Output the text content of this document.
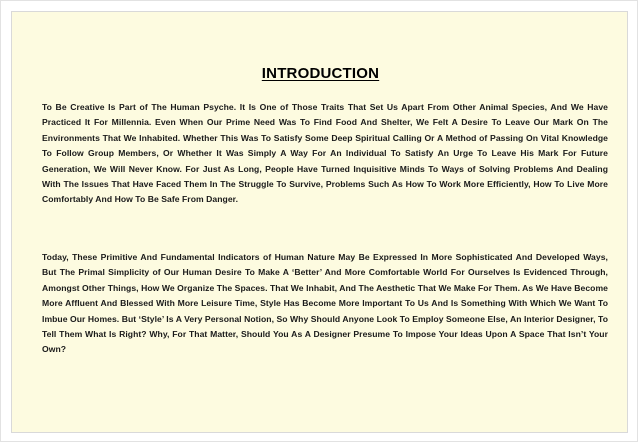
INTRODUCTION

To Be Creative Is Part of The Human Psyche. It Is One of Those Traits That Set Us Apart From Other Animal Species, And We Have Practiced It For Millennia. Even When Our Prime Need Was To Find Food And Shelter, We Felt A Desire To Leave Our Mark On The Environments That We Inhabited. Whether This Was To Satisfy Some Deep Spiritual Calling Or A Method of Passing On Vital Knowledge To Follow Group Members, Or Whether It Was Simply A Way For An Individual To Satisfy An Urge To Leave His Mark For Future Generation, We Will Never Know. For Just As Long, People Have Turned Inquisitive Minds To Ways of Solving Problems And Dealing With The Issues That Have Faced Them In The Struggle To Survive, Problems Such As How To Work More Efficiently, How To Live More Comfortably And How To Be Safe From Danger.

Today, These Primitive And Fundamental Indicators of Human Nature May Be Expressed In More Sophisticated And Developed Ways, But The Primal Simplicity of Our Human Desire To Make A ‘Better’ And More Comfortable World For Ourselves Is Evidenced Through, Amongst Other Things, How We Organize The Spaces. That We Inhabit, And The Aesthetic That We Make For Them. As We Have Become More Affluent And Blessed With More Leisure Time, Style Has Become More Important To Us And Is Something With Which We Want To Imbue Our Homes. But ‘Style’ Is A Very Personal Notion, So Why Should Anyone Look To Employ Someone Else, An Interior Designer, To Tell Them What Is Right? Why, For That Matter, Should You As A Designer Presume To Impose Your Ideas Upon A Space That Isn’t Your Own?
